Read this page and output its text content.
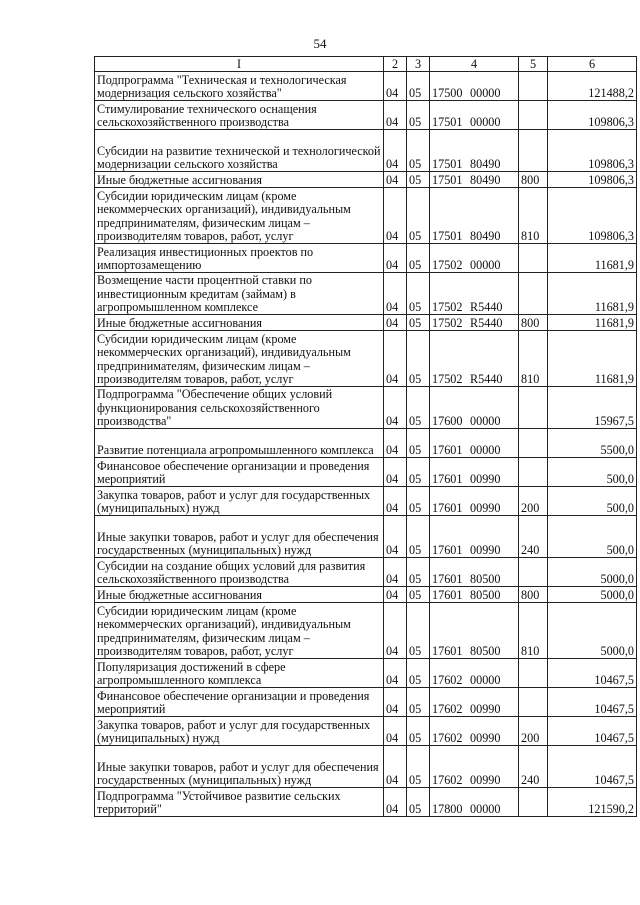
54
I	2	3	4	5	6
Подпрограмма "Техническая и технологическая модернизация сельского хозяйства"	04	05	17500 00000		121488,2
Стимулирование технического оснащения сельскохозяйственного производства	04	05	17501 00000		109806,3
Субсидии на развитие технической и технологической модернизации сельского хозяйства	04	05	17501 80490		109806,3
Иные бюджетные ассигнования	04	05	17501 80490	800	109806,3
Субсидии юридическим лицам (кроме некоммерческих организаций), индивидуальным предпринимателям, физическим лицам – производителям товаров, работ, услуг	04	05	17501 80490	810	109806,3
Реализация инвестиционных проектов по импортозамещению	04	05	17502 00000		11681,9
Возмещение части процентной ставки по инвестиционным кредитам (займам) в агропромышленном комплексе	04	05	17502 R5440		11681,9
Иные бюджетные ассигнования	04	05	17502 R5440	800	11681,9
Субсидии юридическим лицам (кроме некоммерческих организаций), индивидуальным предпринимателям, физическим лицам – производителям товаров, работ, услуг	04	05	17502 R5440	810	11681,9
Подпрограмма "Обеспечение общих условий функционирования сельскохозяйственного производства"	04	05	17600 00000		15967,5
Развитие потенциала агропромышленного комплекса	04	05	17601 00000		5500,0
Финансовое обеспечение организации и проведения мероприятий	04	05	17601 00990		500,0
Закупка товаров, работ и услуг для государственных (муниципальных) нужд	04	05	17601 00990	200	500,0
Иные закупки товаров, работ и услуг для обеспечения государственных (муниципальных) нужд	04	05	17601 00990	240	500,0
Субсидии на создание общих условий для развития сельскохозяйственного производства	04	05	17601 80500		5000,0
Иные бюджетные ассигнования	04	05	17601 80500	800	5000,0
Субсидии юридическим лицам (кроме некоммерческих организаций), индивидуальным предпринимателям, физическим лицам – производителям товаров, работ, услуг	04	05	17601 80500	810	5000,0
Популяризация достижений в сфере агропромышленного комплекса	04	05	17602 00000		10467,5
Финансовое обеспечение организации и проведения мероприятий	04	05	17602 00990		10467,5
Закупка товаров, работ и услуг для государственных (муниципальных) нужд	04	05	17602 00990	200	10467,5
Иные закупки товаров, работ и услуг для обеспечения государственных (муниципальных) нужд	04	05	17602 00990	240	10467,5
Подпрограмма "Устойчивое развитие сельских территорий"	04	05	17800 00000		121590,2
